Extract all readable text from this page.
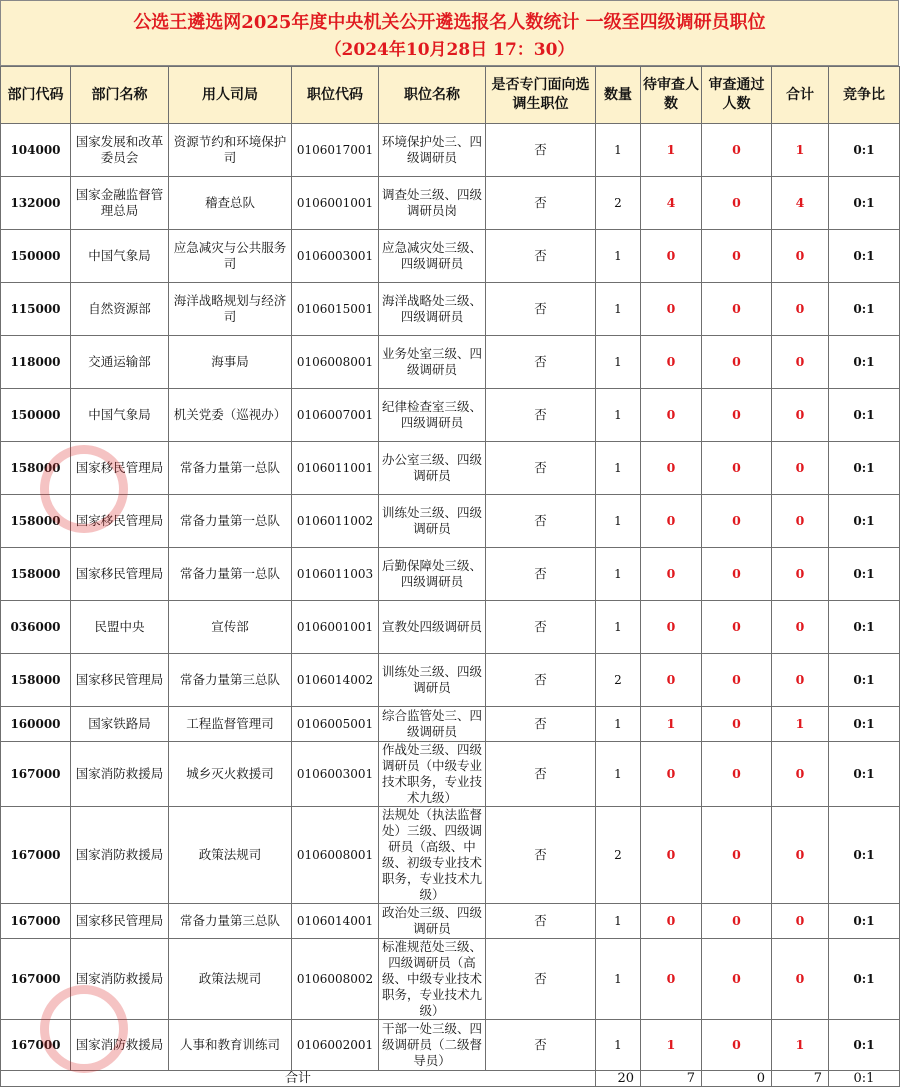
公选王遴选网2025年度中央机关公开遴选报名人数统计 一级至四级调研员职位
（2024年10月28日 17：30）
部门代码	部门名称	用人司局	职位代码	职位名称	是否专门面向选调生职位	数量	待审查人数	审查通过人数	合计	竞争比
104000	国家发展和改革委员会	资源节约和环境保护司	0106017001	环境保护处三、四级调研员	否	1	1	0	1	0:1
132000	国家金融监督管理总局	稽查总队	0106001001	调查处三级、四级调研员岗	否	2	4	0	4	0:1
150000	中国气象局	应急减灾与公共服务司	0106003001	应急减灾处三级、四级调研员	否	1	0	0	0	0:1
115000	自然资源部	海洋战略规划与经济司	0106015001	海洋战略处三级、四级调研员	否	1	0	0	0	0:1
118000	交通运输部	海事局	0106008001	业务处室三级、四级调研员	否	1	0	0	0	0:1
150000	中国气象局	机关党委（巡视办）	0106007001	纪律检查室三级、四级调研员	否	1	0	0	0	0:1
158000	国家移民管理局	常备力量第一总队	0106011001	办公室三级、四级调研员	否	1	0	0	0	0:1
158000	国家移民管理局	常备力量第一总队	0106011002	训练处三级、四级调研员	否	1	0	0	0	0:1
158000	国家移民管理局	常备力量第一总队	0106011003	后勤保障处三级、四级调研员	否	1	0	0	0	0:1
036000	民盟中央	宣传部	0106001001	宣教处四级调研员	否	1	0	0	0	0:1
158000	国家移民管理局	常备力量第三总队	0106014002	训练处三级、四级调研员	否	2	0	0	0	0:1
160000	国家铁路局	工程监督管理司	0106005001	综合监管处三、四级调研员	否	1	1	0	1	0:1
167000	国家消防救援局	城乡灭火救援司	0106003001	作战处三级、四级调研员（中级专业技术职务，专业技术九级）	否	1	0	0	0	0:1
167000	国家消防救援局	政策法规司	0106008001	法规处（执法监督处）三级、四级调研员（高级、中级、初级专业技术职务，专业技术九级）	否	2	0	0	0	0:1
167000	国家移民管理局	常备力量第三总队	0106014001	政治处三级、四级调研员	否	1	0	0	0	0:1
167000	国家消防救援局	政策法规司	0106008002	标准规范处三级、四级调研员（高级、中级专业技术职务，专业技术九级）	否	1	0	0	0	0:1
167000	国家消防救援局	人事和教育训练司	0106002001	干部一处三级、四级调研员（二级督导员）	否	1	1	0	1	0:1
合计						20	7	0	7	0:1
